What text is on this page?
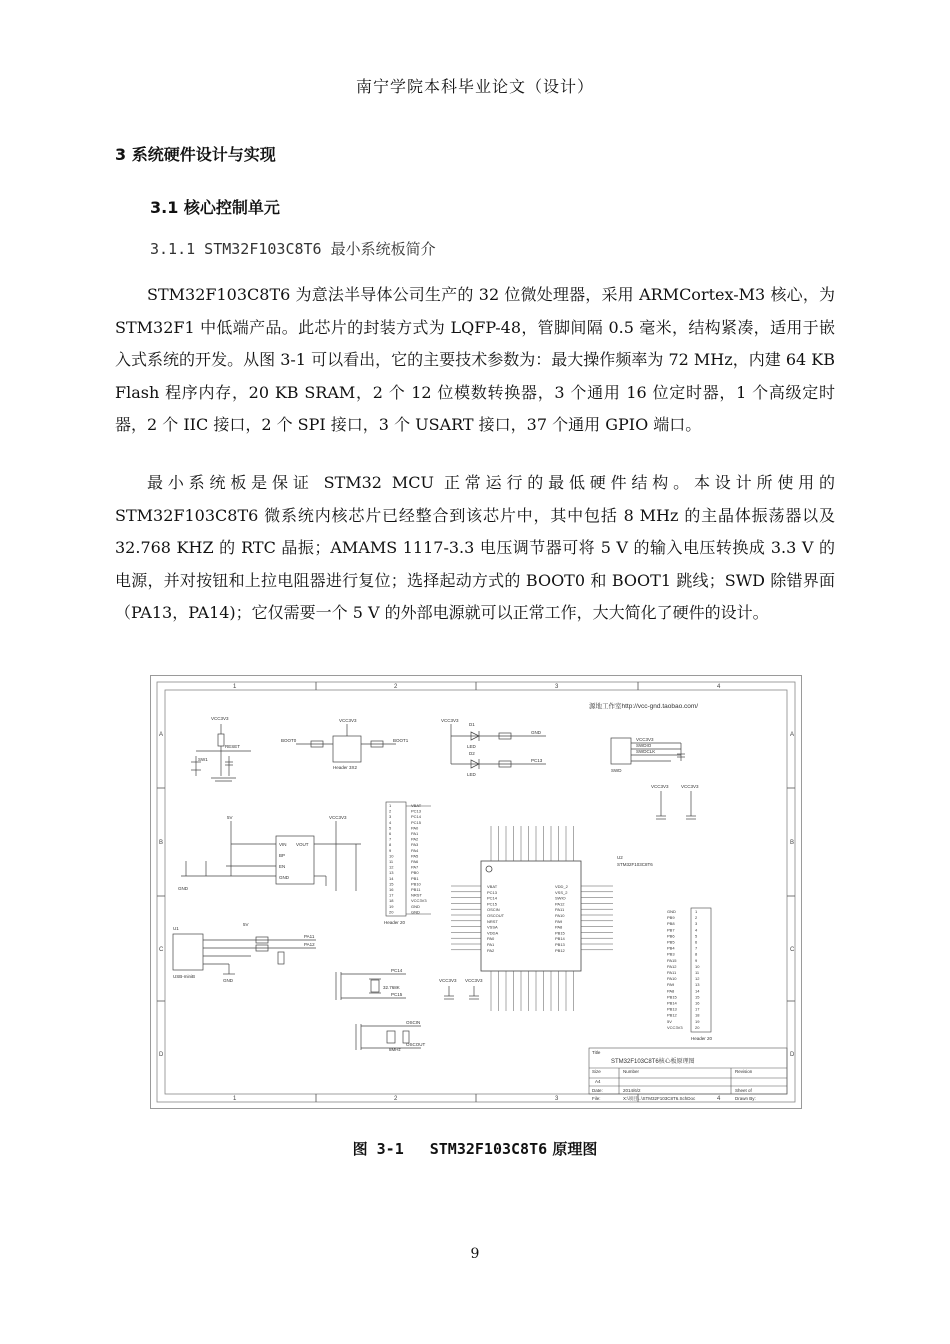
南宁学院本科毕业论文（设计）
3 系统硬件设计与实现
3.1 核心控制单元
3.1.1 STM32F103C8T6 最小系统板简介

STM32F103C8T6 为意法半导体公司生产的 32 位微处理器，采用 ARMCortex-M3 核心，为 STM32F1 中低端产品。此芯片的封装方式为 LQFP-48，管脚间隔 0.5 毫米，结构紧凑，适用于嵌入式系统的开发。从图 3-1 可以看出，它的主要技术参数为：最大操作频率为 72 MHz，内建 64 KB Flash 程序内存，20 KB SRAM，2 个 12 位模数转换器，3 个通用 16 位定时器，1 个高级定时器，2 个 IIC 接口，2 个 SPI 接口，3 个 USART 接口，37 个通用 GPIO 端口。

最小系统板是保证 STM32 MCU 正常运行的最低硬件结构。本设计所使用的 STM32F103C8T6 微系统内核芯片已经整合到该芯片中，其中包括 8 MHz 的主晶体振荡器以及 32.768 KHZ 的 RTC 晶振；AMAMS 1117-3.3 电压调节器可将 5 V 的输入电压转换成 3.3 V 的电源，并对按钮和上拉电阻器进行复位；选择起动方式的 BOOT0 和 BOOT1 跳线；SWD 除错界面（PA13，PA14)；它仅需要一个 5 V 的外部电源就可以正常工作，大大简化了硬件的设计。

1	2	3	4
1	2	3	4
A
B
C
D
A
B
C
D
源地工作室http://vcc-gnd.taobao.com/
VCC3V3
RESET
SW1
VCC3V3
BOOT0	BOOT1
Header 3X2
VCC3V3
D1
LED
D2
LED
GND
PC13
VCC3V3
SWDIO
SWDCLK
SWD
5V	VCC3V3
VIN VOUT
BP
EN
GND
GND
VBAT
1
PC13
2
PC14
3
PC15
4
PA0
5
PA1
6
PA2
7
PA3
8
PA4
9
PA5
10
PA6
11
PA7
12
PB0
13
PB1
14
PB10
15
PB11
16
NRST
17
VCC3V3
18
GND
19
GND
20
Header 20
VBAT
PC13
PC14
PC15
OSCIN
OSCOUT
NRST
VSSA
VDDA
PA0
PA1
PA2
VDD_2
VSS_2
SWIO
PA12
PA11
PA10
PA9
PA8
PB15
PB14
PB13
PB12
U2
STM32F103C8T6
VCC3V3	VCC3V3
VCC3V3 VCC3V3
GND	1
PB9	2
PB8	3
PB7	4
PB6	5
PB5	6
PB4	7
PB3	8
PA15	9
PA12	10
PA11	11
PA10	12
PA9	13
PA8	14
PB15	15
PB14	16
PB13	17
PB12	18
5V	19
VCC3V3	20
Header 20
U1
USB-miniB
5V
PA11
PA12
GND
32.768K
PC14
PC15
8MHz
OSCIN
OSCOUT
Title
STM32F103C8T6核心板原理图
Size	Number	Revision
A4
Date:	2014/6/2	Sheet of
File:	X:\项目\..\STM32F103C8T6.SchDoc	Drawn By:
图 3-1 STM32F103C8T6 原理图
9
